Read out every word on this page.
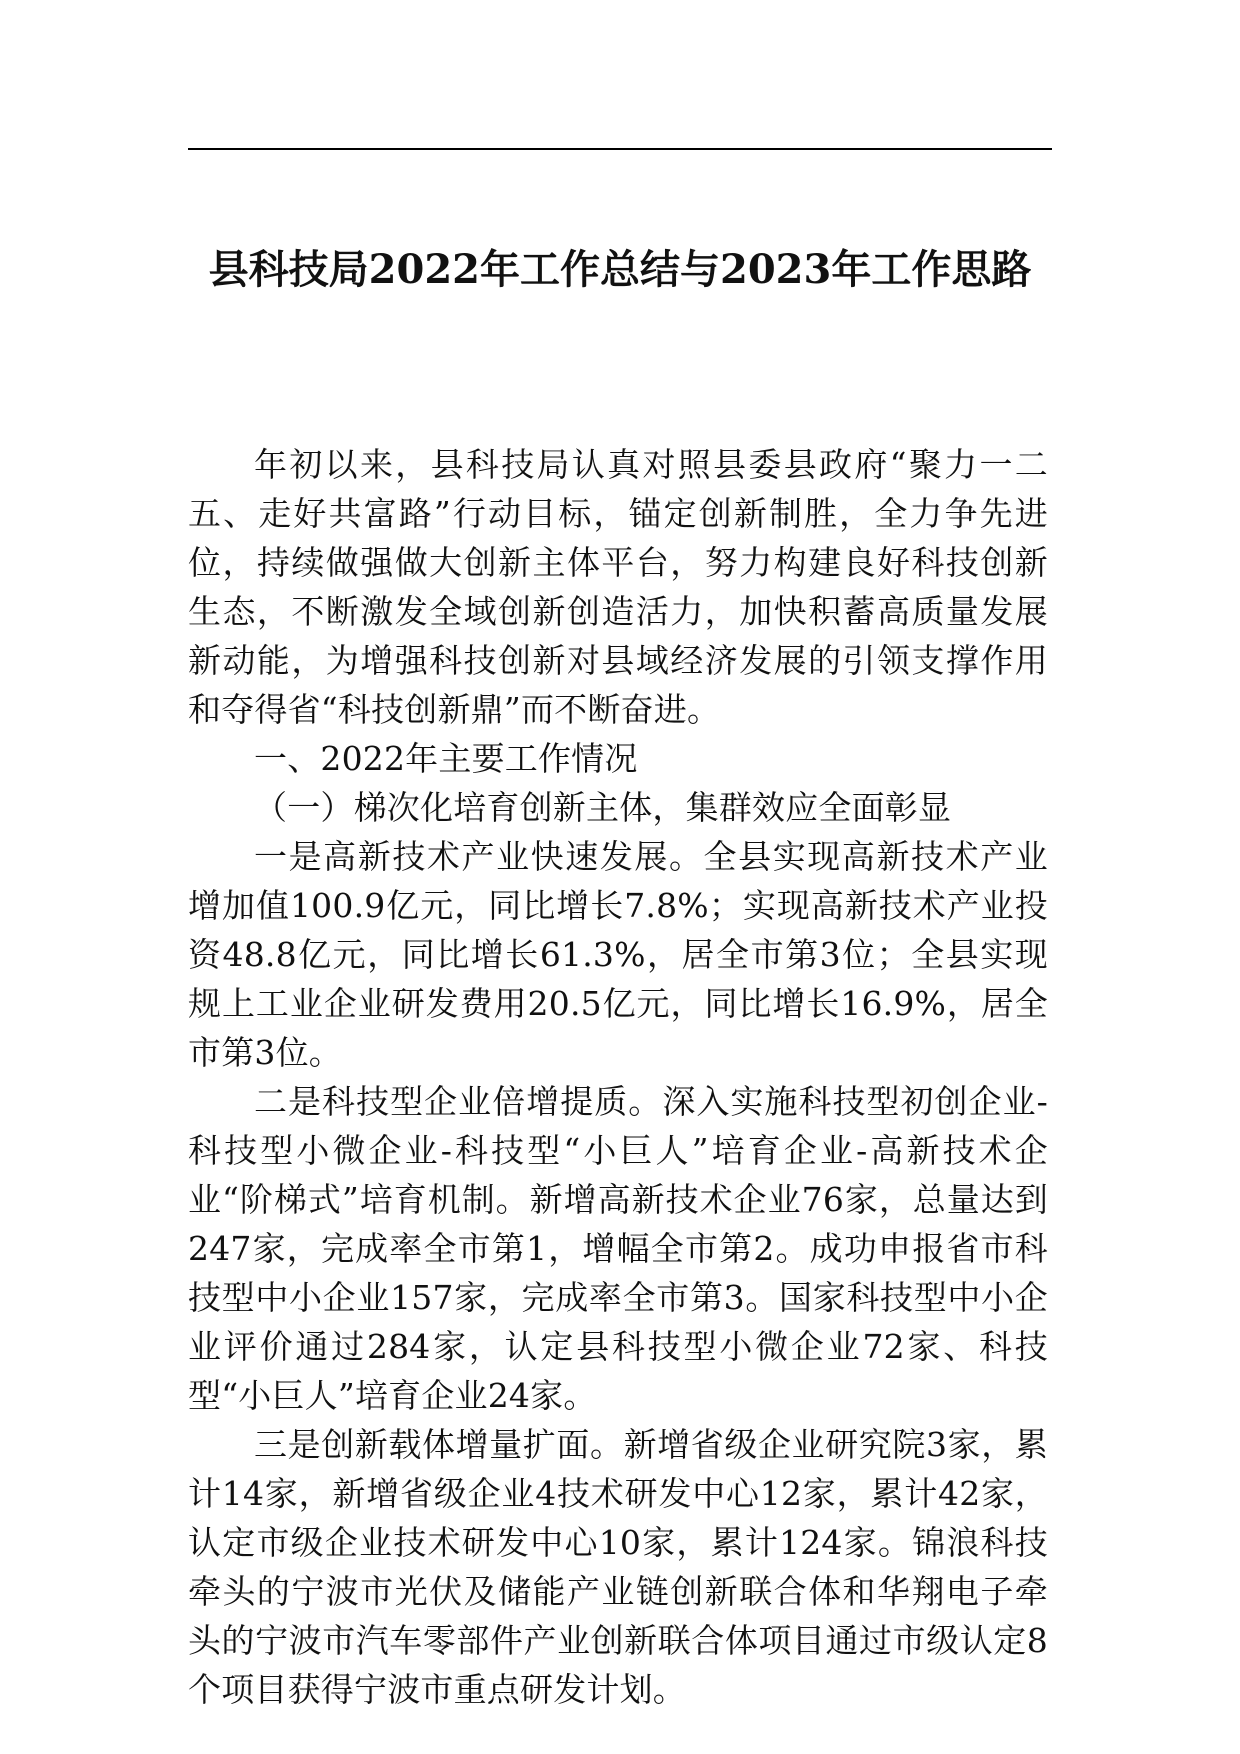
县科技局2022年工作总结与2023年工作思路

年初以来，县科技局认真对照县委县政府“聚力一二五、走好共富路”行动目标，锚定创新制胜，全力争先进位，持续做强做大创新主体平台，努力构建良好科技创新生态，不断激发全域创新创造活力，加快积蓄高质量发展新动能，为增强科技创新对县域经济发展的引领支撑作用和夺得省“科技创新鼎”而不断奋进。

一、2022年主要工作情况

（一）梯次化培育创新主体，集群效应全面彰显

一是高新技术产业快速发展。全县实现高新技术产业增加值100.9亿元，同比增长7.8%；实现高新技术产业投资48.8亿元，同比增长61.3%，居全市第3位；全县实现规上工业企业研发费用20.5亿元，同比增长16.9%，居全市第3位。

二是科技型企业倍增提质。深入实施科技型初创企业-科技型小微企业-科技型“小巨人”培育企业-高新技术企业“阶梯式”培育机制。新增高新技术企业76家，总量达到247家，完成率全市第1，增幅全市第2。成功申报省市科技型中小企业157家，完成率全市第3。国家科技型中小企业评价通过284家，认定县科技型小微企业72家、科技型“小巨人”培育企业24家。

三是创新载体增量扩面。新增省级企业研究院3家，累计14家，新增省级企业4技术研发中心12家，累计42家，认定市级企业技术研发中心10家，累计124家。锦浪科技牵头的宁波市光伏及储能产业链创新联合体和华翔电子牵头的宁波市汽车零部件产业创新联合体项目通过市级认定8个项目获得宁波市重点研发计划。
